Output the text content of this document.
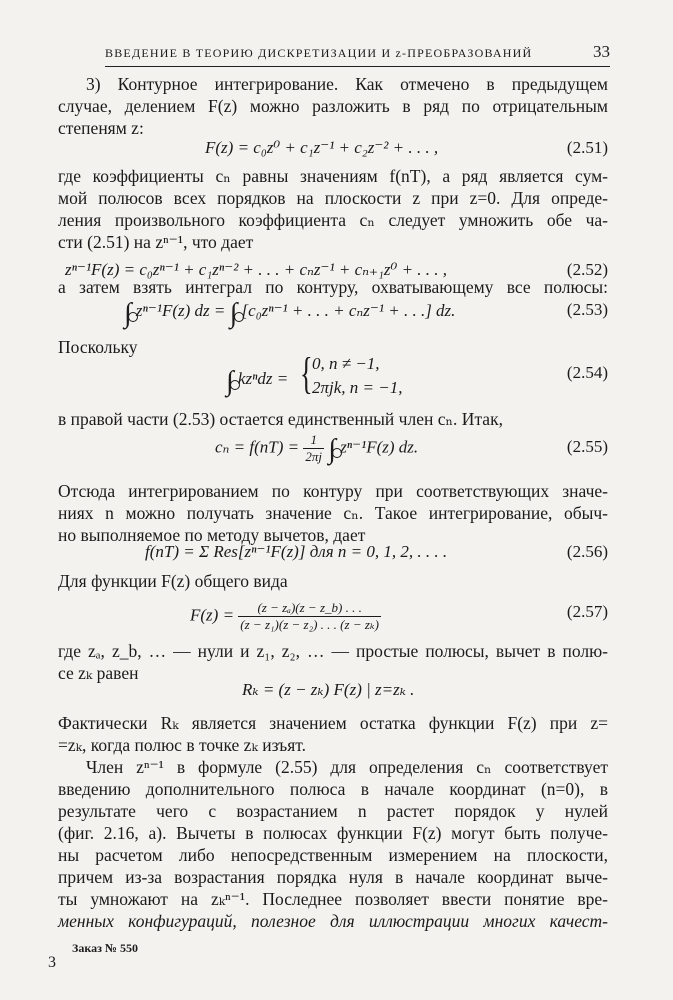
ВВЕДЕНИЕ В ТЕОРИЮ ДИСКРЕТИЗАЦИИ И z-ПРЕОБРАЗОВАНИЙ	33
3) Контурное интегрирование. Как отмечено в предыдущем
случае, делением F(z) можно разложить в ряд по отрицательным
степеням z:
F(z) = c₀z⁰ + c₁z⁻¹ + c₂z⁻² + . . . ,	(2.51)
где коэффициенты cₙ равны значениям f(nT), а ряд является сум-
мой полюсов всех порядков на плоскости z при z=0. Для опреде-
ления произвольного коэффициента cₙ следует умножить обе ча-
сти (2.51) на zⁿ⁻¹, что дает
zⁿ⁻¹F(z) = c₀zⁿ⁻¹ + c₁zⁿ⁻² + . . . + cₙz⁻¹ + cₙ₊₁z⁰ + . . . ,	(2.52)
а затем взять интеграл по контуру, охватывающему все полюсы:
∫ zⁿ⁻¹F(z) dz = ∫ [c₀zⁿ⁻¹ + . . . + cₙz⁻¹ + . . .] dz.	(2.53)
Поскольку
∫ kzⁿdz = { 0, n ≠ −1,
2πjk, n = −1,
(2.54)
в правой части (2.53) остается единственный член cₙ. Итак,
$c_n = f(nT) = \frac{1}{2\pi j}$ ∫ zⁿ⁻¹F(z) dz.	(2.55)
Отсюда интегрированием по контуру при соответствующих значе-
ниях n можно получать значение cₙ. Такое интегрирование, обыч-
но выполняемое по методу вычетов, дает
f(nT) = Σ Res[zⁿ⁻¹F(z)] для n = 0, 1, 2, . . . .	(2.56)
Для функции F(z) общего вида
$F(z) = \frac{\text{(z − zₐ)(z − z\_b) . . .}}{\text{(z − z₁)(z − z₂) . . . (z − zₖ)}}$	(2.57)
где zₐ, z_b, … — нули и z₁, z₂, … — простые полюсы, вычет в полю-
се zₖ равен
Rₖ = (z − zₖ) F(z) | z=zₖ .
Фактически Rₖ является значением остатка функции F(z) при z=
=zₖ, когда полюс в точке zₖ изъят.
Член zⁿ⁻¹ в формуле (2.55) для определения cₙ соответствует
введению дополнительного полюса в начале координат (n=0), в
результате чего с возрастанием n растет порядок у нулей
(фиг. 2.16, a). Вычеты в полюсах функции F(z) могут быть получе-
ны расчетом либо непосредственным измерением на плоскости,
причем из-за возрастания порядка нуля в начале координат выче-
ты умножают на zₖⁿ⁻¹. Последнее позволяет ввести понятие вре-
менных конфигураций, полезное для иллюстрации многих качест-
Заказ № 550
3
